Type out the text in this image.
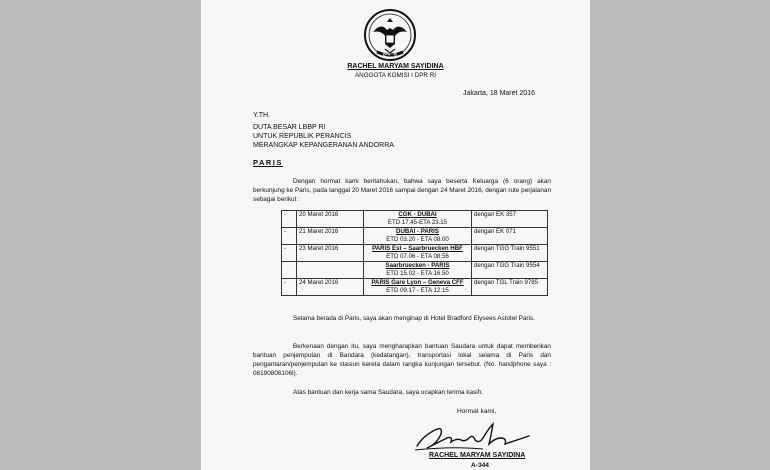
DPR - RI
RACHEL MARYAM SAYIDINA
ANGGOTA KOMISI I DPR RI
Jakarta, 18 Maret 2016
Y.TH.
DUTA BESAR LBBP RI
UNTUK REPUBLIK PERANCIS
MERANGKAP KEPANGERANAN ANDORRA
PARIS
Dengan hormat kami beritahukan, bahwa saya beserta Keluarga (6 orang) akan berkunjung ke Paris, pada tanggal 20 Maret 2016 sampai dengan 24 Maret 2016, dengan rute perjalanan sebagai berikut :
-	20 Maret 2016	CGK - DUBAI
ETD 17.45-ETA 23.15	dengan EK 357
-	21 Maret 2016	DUBAI - PARIS
ETD 03.20 - ETA 08.00	dengan EK 071
-	23 Maret 2016	PARIS Est – Saarbruecken HBF
ETD 07.06 - ETA 08.56	dengan TGG Train 9551

		Saarbruecken - PARIS
ETD 15.02 - ETA 16.50	dengan TGG Train 9554
-	24 Maret 2016	PARIS Gare Lyon – Geneva CFF
ETD 09.17 - ETA 12.15	dengan TGL Train 9785
Selama berada di Paris, saya akan menginap di Hotel Bradford Elysees Astotel Paris.
Berkenaan dengan itu, saya mengharapkan bantuan Saudara untuk dapat memberikan bantuan penjemputan di Bandara (kedatangan), transportasi lokal selama di Paris dan pengantaran/penjemputan ke stasiun kereta dalam rangka kunjungan tersebut. (No. handphone saya : 08190806106l).
Atas bantuan dan kerja sama Saudara, saya ucapkan terima kasih.
Hormat kami,
RACHEL MARYAM SAYIDINA
A-344
